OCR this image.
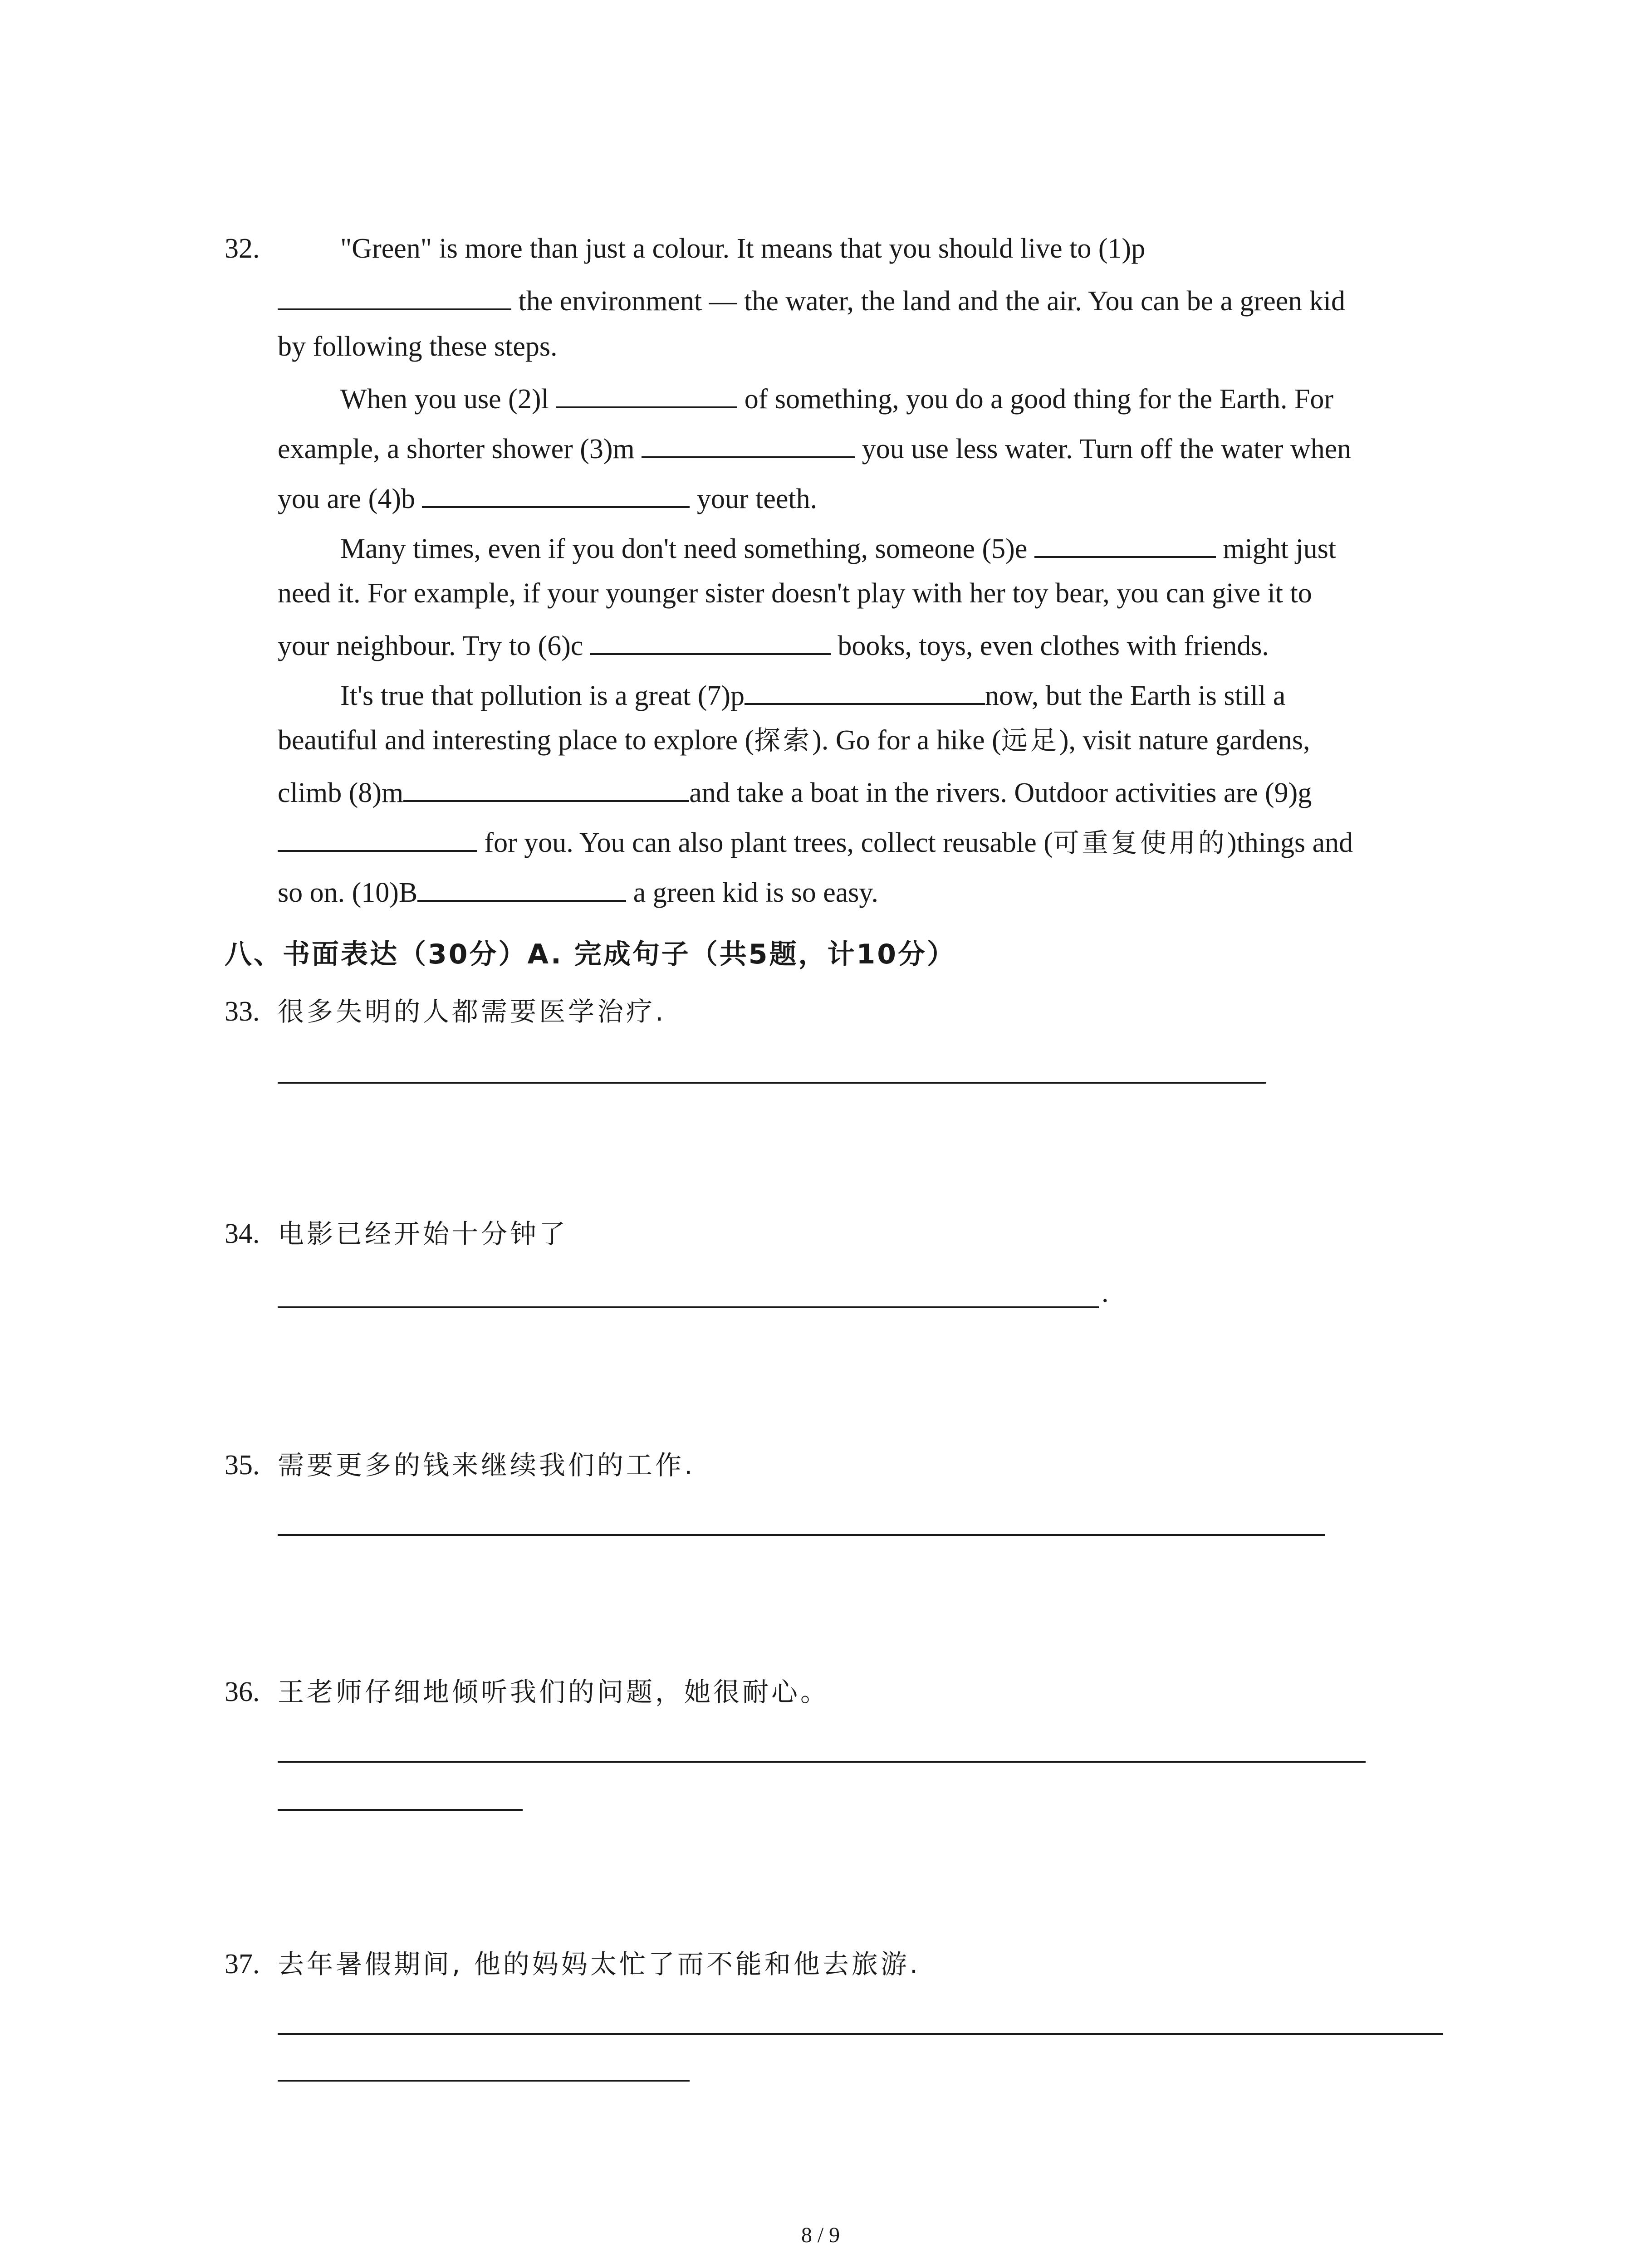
32.	"Green" is more than just a colour. It means that you should live to (1)p
the environment — the water, the land and the air. You can be a green kid
by following these steps.
When you use (2)l	of something, you do a good thing for the Earth. For
example, a shorter shower (3)m	you use less water. Turn off the water when
you are (4)b	your teeth.
Many times, even if you don't need something, someone (5)e	might just
need it. For example, if your younger sister doesn't play with her toy bear, you can give it to
your neighbour. Try to (6)c	books, toys, even clothes with friends.
It's true that pollution is a great (7)p	now, but the Earth is still a
beautiful and interesting place to explore (探索). Go for a hike (远足), visit nature gardens,
climb (8)m	and take a boat in the rivers. Outdoor activities are (9)g
for you. You can also plant trees, collect reusable (可重复使用的)things and
so on. (10)B	a green kid is so easy.
八、书面表达（30分）A. 完成句子（共5题，计10分）
33. 很多失明的人都需要医学治疗.
34. 电影已经开始十分钟了
.
35. 需要更多的钱来继续我们的工作.
36. 王老师仔细地倾听我们的问题，她很耐心。
37. 去年暑假期间, 他的妈妈太忙了而不能和他去旅游.
8 / 9
